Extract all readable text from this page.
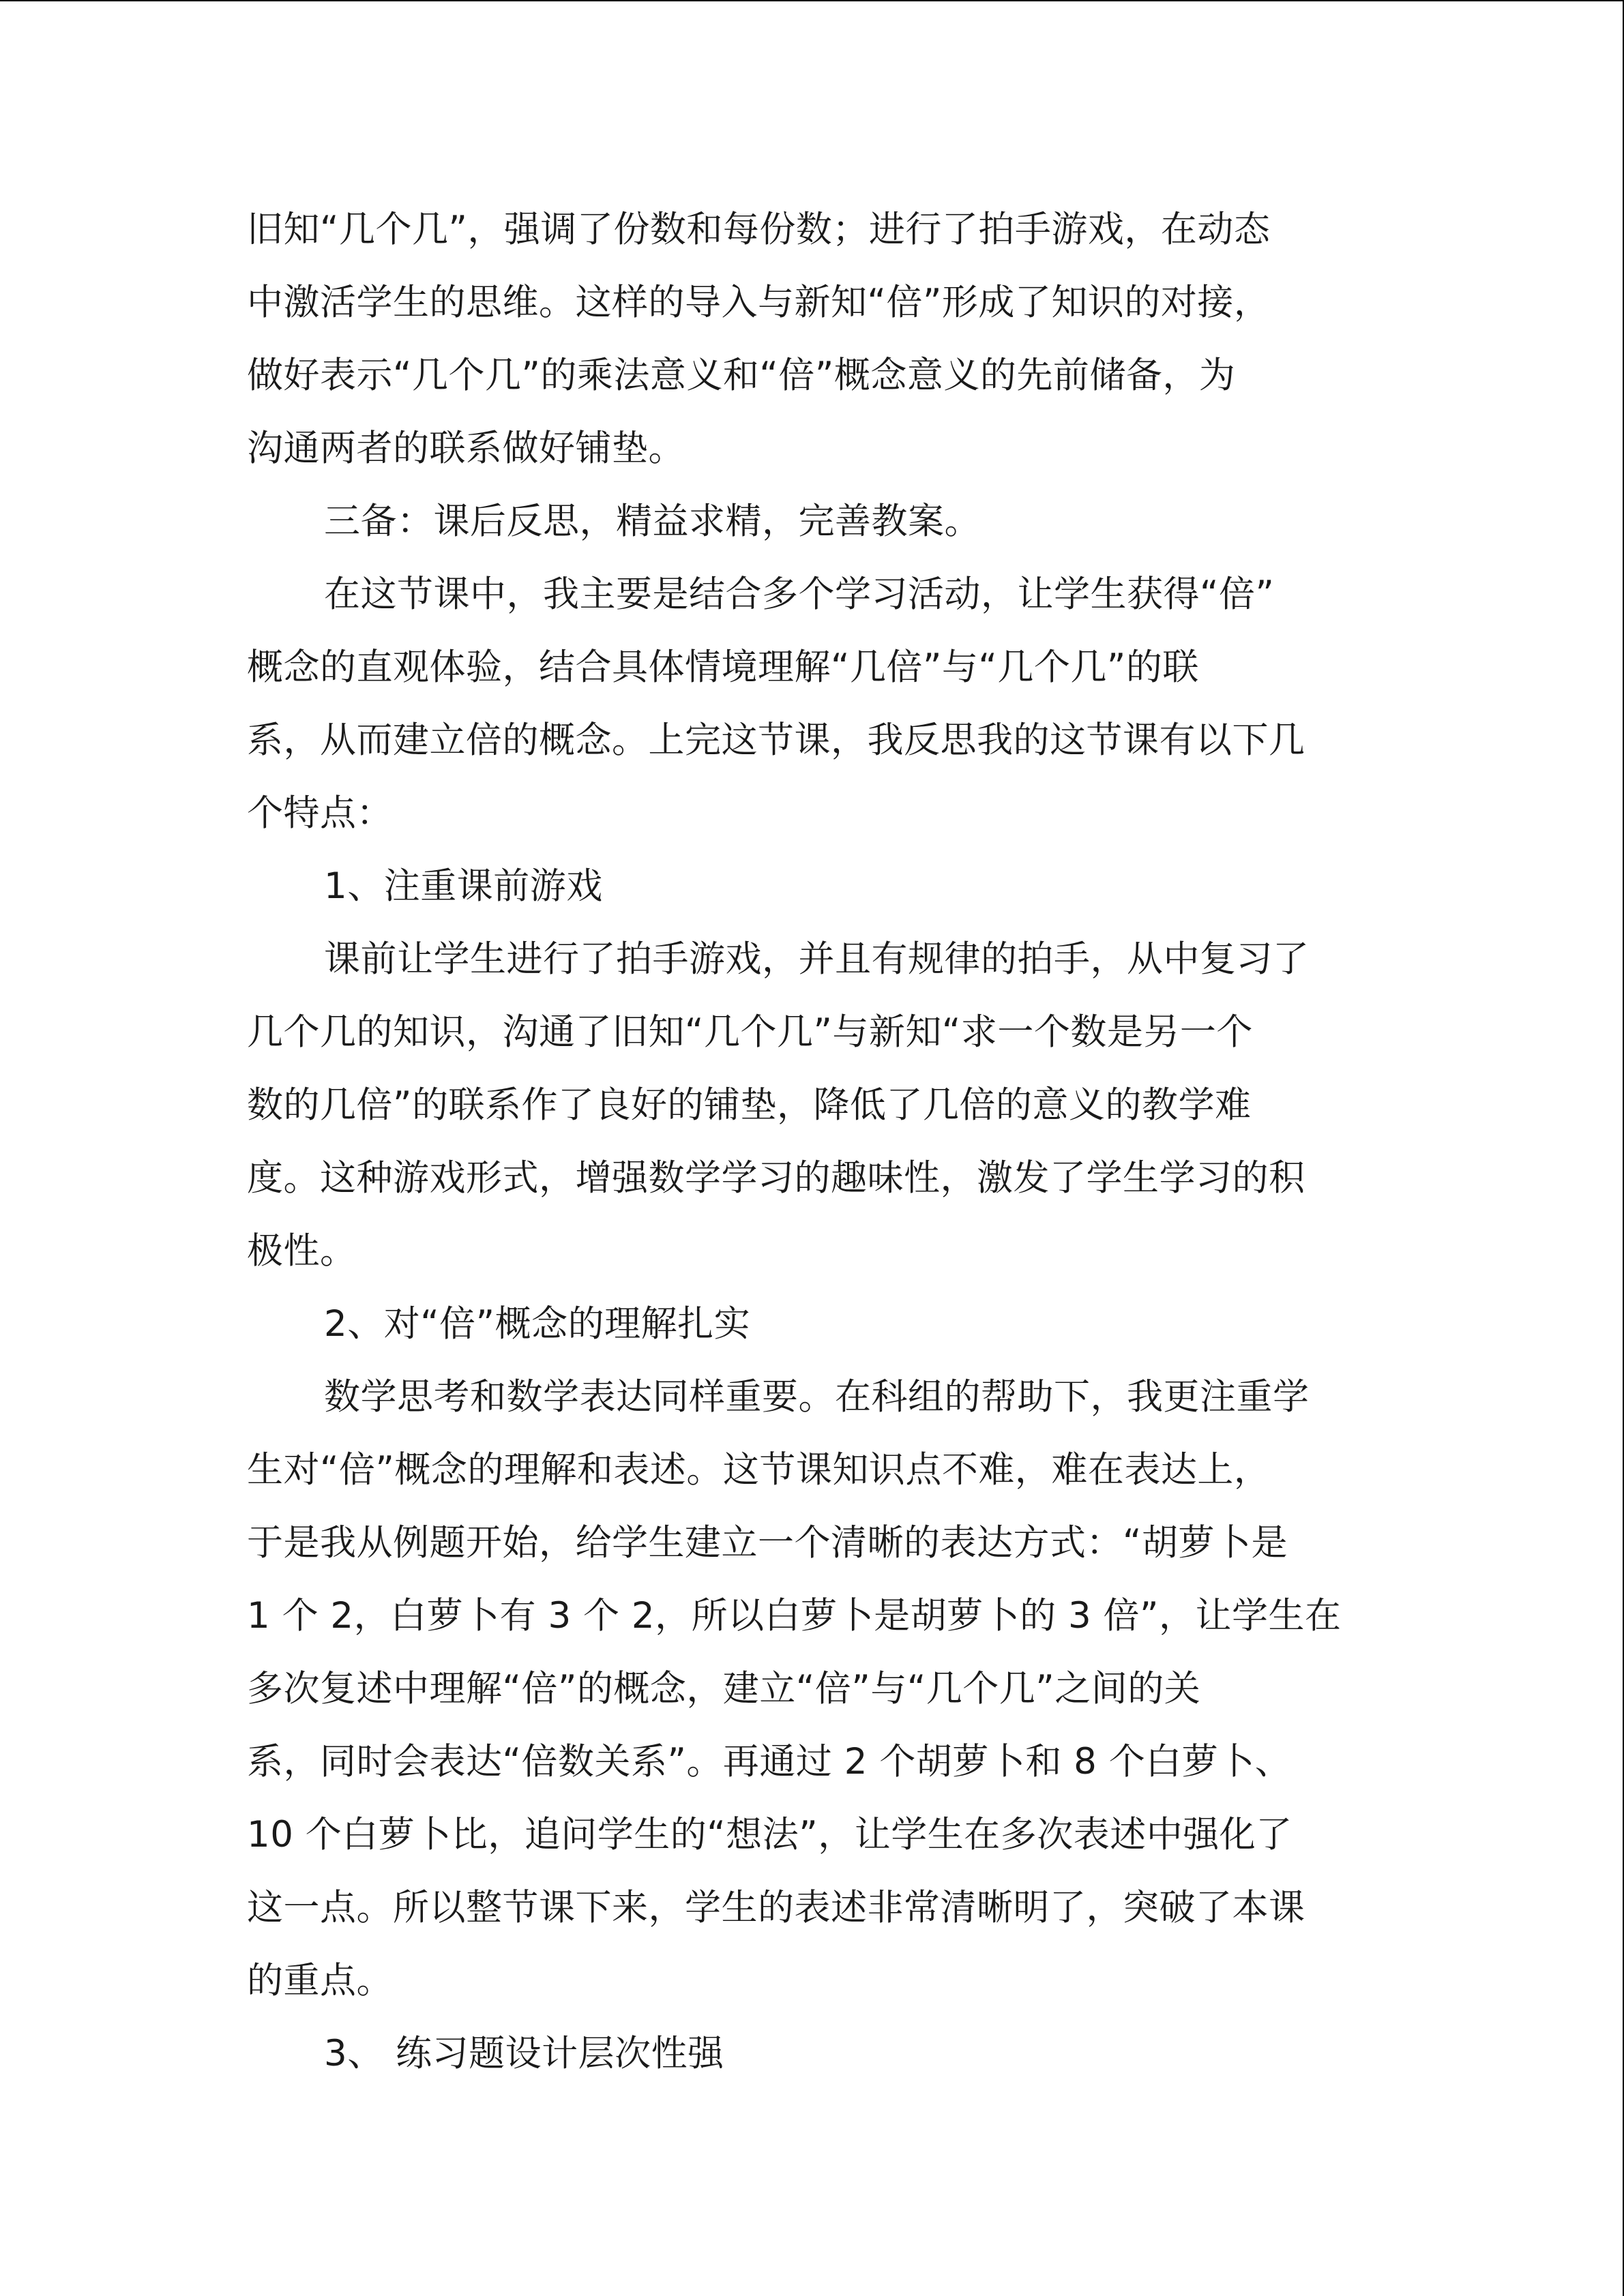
旧知“几个几”，强调了份数和每份数；进行了拍手游戏，在动态
中激活学生的思维。这样的导入与新知“倍”形成了知识的对接，
做好表示“几个几”的乘法意义和“倍”概念意义的先前储备，为
沟通两者的联系做好铺垫。
三备：课后反思，精益求精，完善教案。
在这节课中，我主要是结合多个学习活动，让学生获得“倍”
概念的直观体验，结合具体情境理解“几倍”与“几个几”的联
系，从而建立倍的概念。上完这节课，我反思我的这节课有以下几
个特点：
1、注重课前游戏
课前让学生进行了拍手游戏，并且有规律的拍手，从中复习了
几个几的知识，沟通了旧知“几个几”与新知“求一个数是另一个
数的几倍”的联系作了良好的铺垫，降低了几倍的意义的教学难
度。这种游戏形式，增强数学学习的趣味性，激发了学生学习的积
极性。
2、对“倍”概念的理解扎实
数学思考和数学表达同样重要。在科组的帮助下，我更注重学
生对“倍”概念的理解和表述。这节课知识点不难，难在表达上，
于是我从例题开始，给学生建立一个清晰的表达方式：“胡萝卜是
1 个 2，白萝卜有 3 个 2，所以白萝卜是胡萝卜的 3 倍”，让学生在
多次复述中理解“倍”的概念，建立“倍”与“几个几”之间的关
系，同时会表达“倍数关系”。再通过 2 个胡萝卜和 8 个白萝卜、
10 个白萝卜比，追问学生的“想法”，让学生在多次表述中强化了
这一点。所以整节课下来，学生的表述非常清晰明了，突破了本课
的重点。
3、 练习题设计层次性强
